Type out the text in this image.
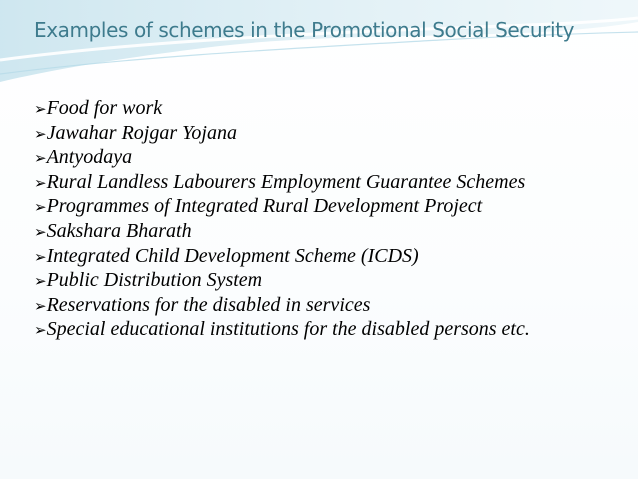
Examples of schemes in the Promotional Social Security
➢Food for work
➢Jawahar Rojgar Yojana
➢Antyodaya
➢Rural Landless Labourers Employment Guarantee Schemes
➢Programmes of Integrated Rural Development Project
➢Sakshara Bharath
➢Integrated Child Development Scheme (ICDS)
➢Public Distribution System
➢Reservations for the disabled in services
➢Special educational institutions for the disabled persons etc.
